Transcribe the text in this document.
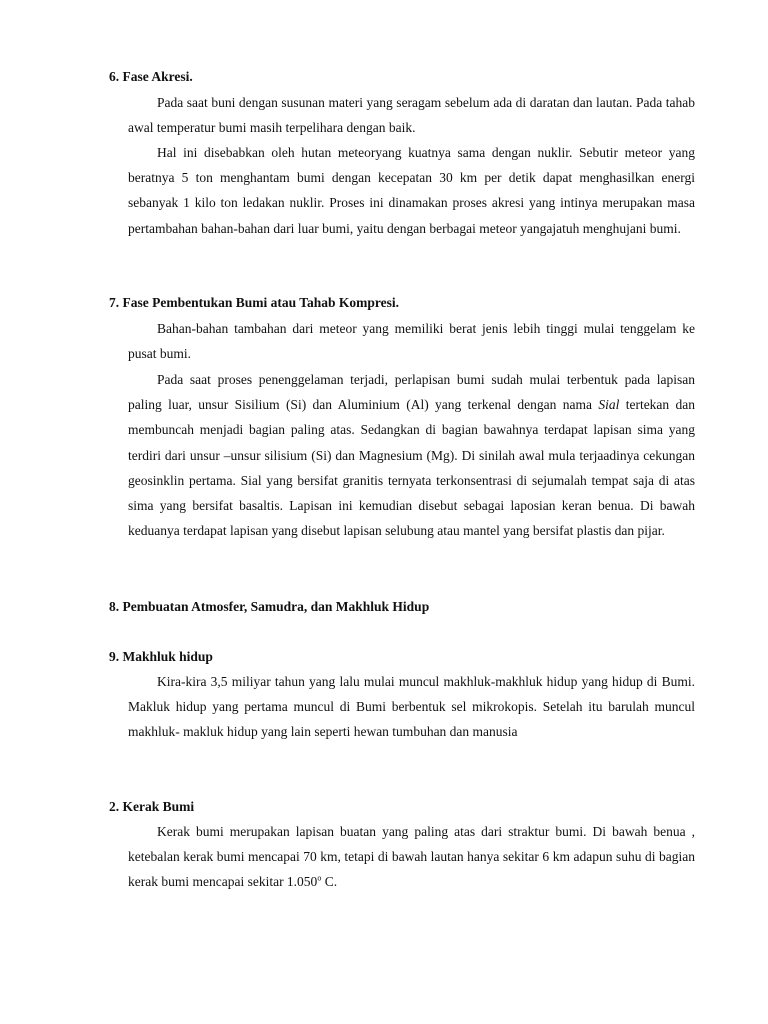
6. Fase Akresi.

Pada saat buni dengan susunan materi yang seragam sebelum ada di daratan dan lautan. Pada tahab awal temperatur bumi masih terpelihara dengan baik.

Hal ini disebabkan oleh hutan meteoryang kuatnya sama dengan nuklir. Sebutir meteor yang beratnya 5 ton menghantam bumi dengan kecepatan 30 km per detik dapat menghasilkan energi sebanyak 1 kilo ton ledakan nuklir. Proses ini dinamakan proses akresi yang intinya merupakan masa pertambahan bahan-bahan dari luar bumi, yaitu dengan berbagai meteor yangajatuh menghujani bumi.

7. Fase Pembentukan Bumi atau Tahab Kompresi.

Bahan-bahan tambahan dari meteor yang memiliki berat jenis lebih tinggi mulai tenggelam ke pusat bumi.

Pada saat proses penenggelaman terjadi, perlapisan bumi sudah mulai terbentuk pada lapisan paling luar, unsur Sisilium (Si) dan Aluminium (Al) yang terkenal dengan nama Sial tertekan dan membuncah menjadi bagian paling atas. Sedangkan di bagian bawahnya terdapat lapisan sima yang terdiri dari unsur –unsur silisium (Si) dan Magnesium (Mg). Di sinilah awal mula terjaadinya cekungan geosinklin pertama. Sial yang bersifat granitis ternyata terkonsentrasi di sejumalah tempat saja di atas sima yang bersifat basaltis. Lapisan ini kemudian disebut sebagai laposian keran benua. Di bawah keduanya terdapat lapisan yang disebut lapisan selubung atau mantel yang bersifat plastis dan pijar.

8. Pembuatan Atmosfer, Samudra, dan Makhluk Hidup
9. Makhluk hidup

Kira-kira 3,5 miliyar tahun yang lalu mulai muncul makhluk-makhluk hidup yang hidup di Bumi. Makluk hidup yang pertama muncul di Bumi berbentuk sel mikrokopis. Setelah itu barulah muncul makhluk- makluk hidup yang lain seperti hewan tumbuhan dan manusia

2. Kerak Bumi

Kerak bumi merupakan lapisan buatan yang paling atas dari straktur bumi. Di bawah benua , ketebalan kerak bumi mencapai 70 km, tetapi di bawah lautan hanya sekitar 6 km adapun suhu di bagian kerak bumi mencapai sekitar 1.050$^o$ C.
